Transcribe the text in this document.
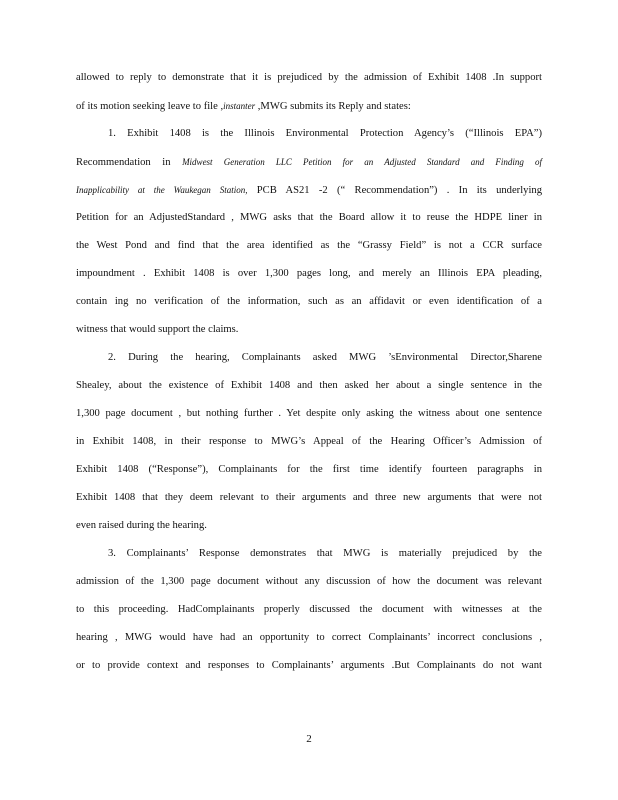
allowed to reply to demonstrate that it is prejudiced by the admission of Exhibit 1408 .In support
of its motion seeking leave to file ,instanter ,MWG submits its Reply and states:
1. Exhibit 1408 is the Illinois Environmental Protection Agency’s (“Illinois EPA”)
Recommendation in Midwest Generation LLC Petition for an Adjusted Standard and Finding of
Inapplicability at the Waukegan Station, PCB AS21 -2 (“ Recommendation”) . In its underlying
Petition for an AdjustedStandard , MWG asks that the Board allow it to reuse the HDPE liner in
the West Pond and find that the area identified as the “Grassy Field” is not a CCR surface
impoundment . Exhibit 1408 is over 1,300 pages long, and merely an Illinois EPA pleading,
contain ing no verification of the information, such as an affidavit or even identification of a
witness that would support the claims.
2. During the hearing, Complainants asked MWG ’sEnvironmental Director,Sharene
Shealey, about the existence of Exhibit 1408 and then asked her about a single sentence in the
1,300 page document , but nothing further . Yet despite only asking the witness about one sentence
in Exhibit 1408, in their response to MWG’s Appeal of the Hearing Officer’s Admission of
Exhibit 1408 (“Response”), Complainants for the first time identify fourteen paragraphs in
Exhibit 1408 that they deem relevant to their arguments and three new arguments that were not
even raised during the hearing.
3. Complainants’ Response demonstrates that MWG is materially prejudiced by the
admission of the 1,300 page document without any discussion of how the document was relevant
to this proceeding. HadComplainants properly discussed the document with witnesses at the
hearing , MWG would have had an opportunity to correct Complainants’ incorrect conclusions ,
or to provide context and responses to Complainants’ arguments .But Complainants do not want
2
